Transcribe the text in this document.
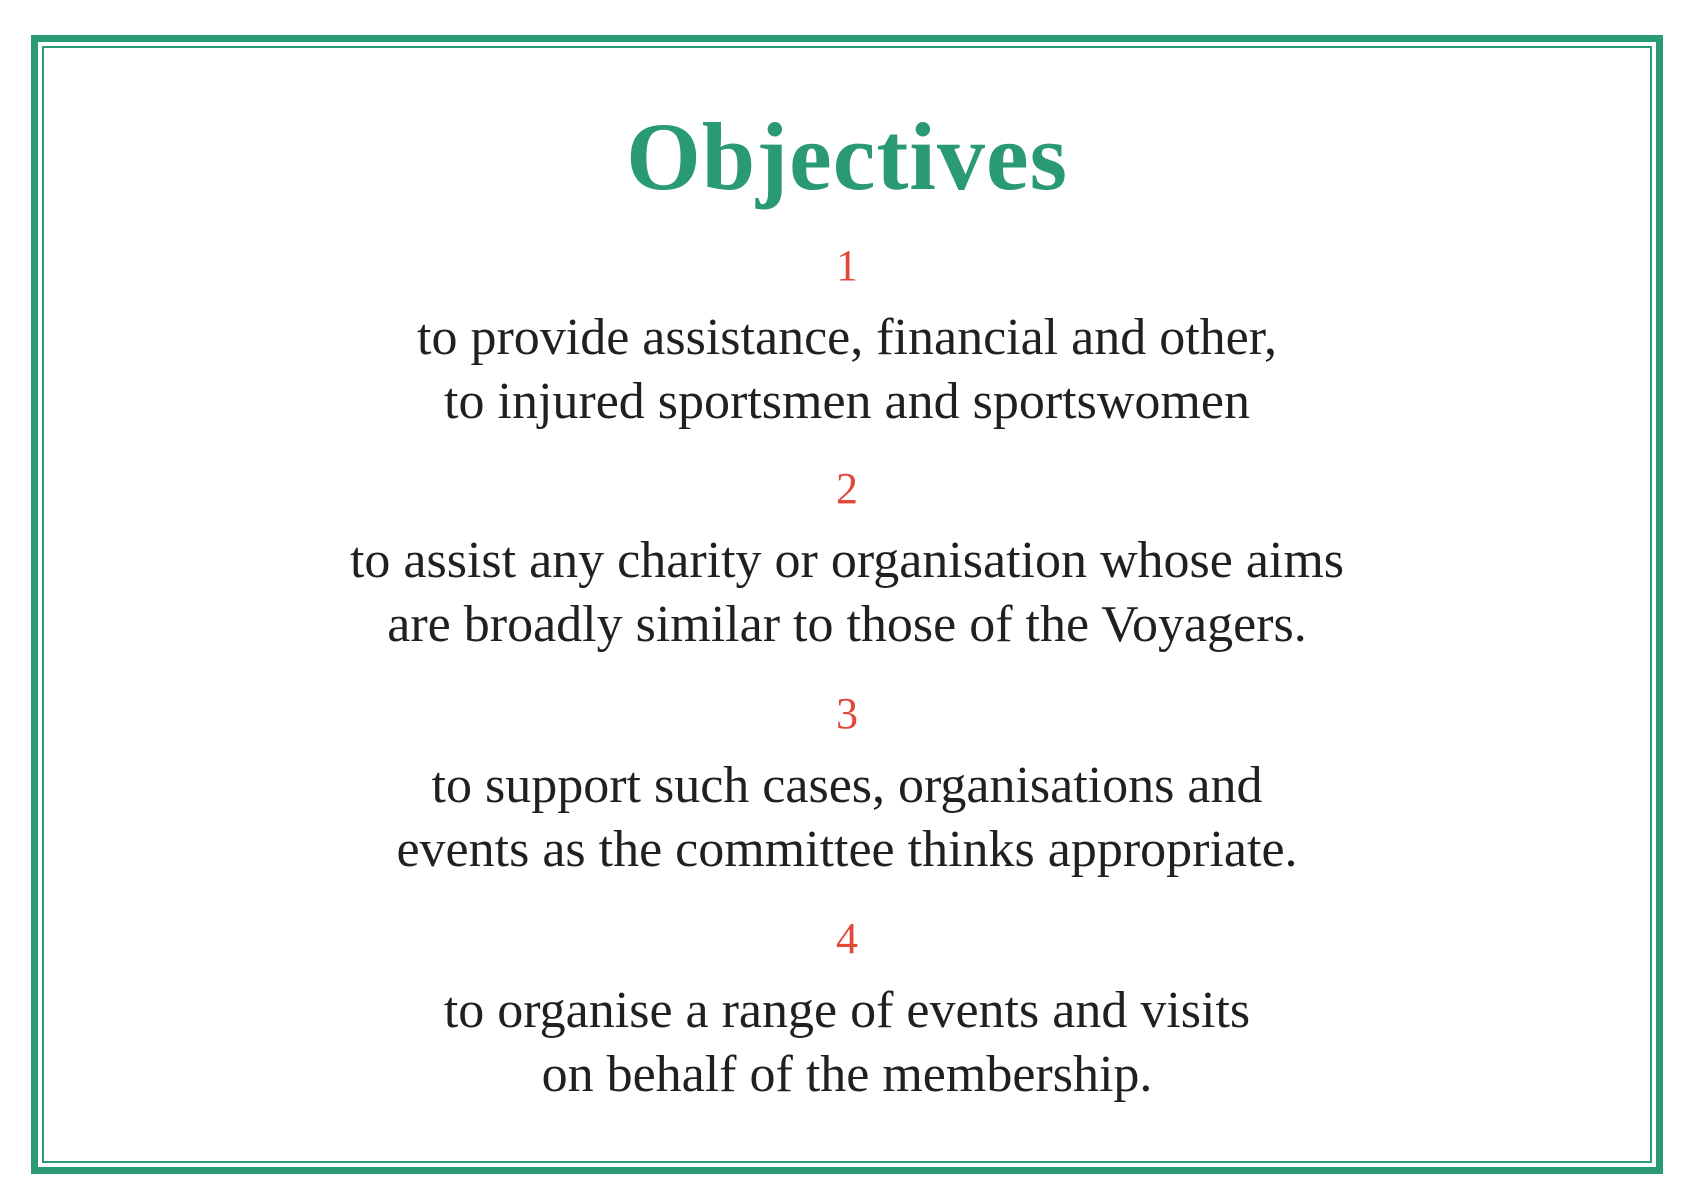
Objectives
1
to provide assistance, financial and other,
to injured sportsmen and sportswomen
2
to assist any charity or organisation whose aims
are broadly similar to those of the Voyagers.
3
to support such cases, organisations and
events as the committee thinks appropriate.
4
to organise a range of events and visits
on behalf of the membership.
